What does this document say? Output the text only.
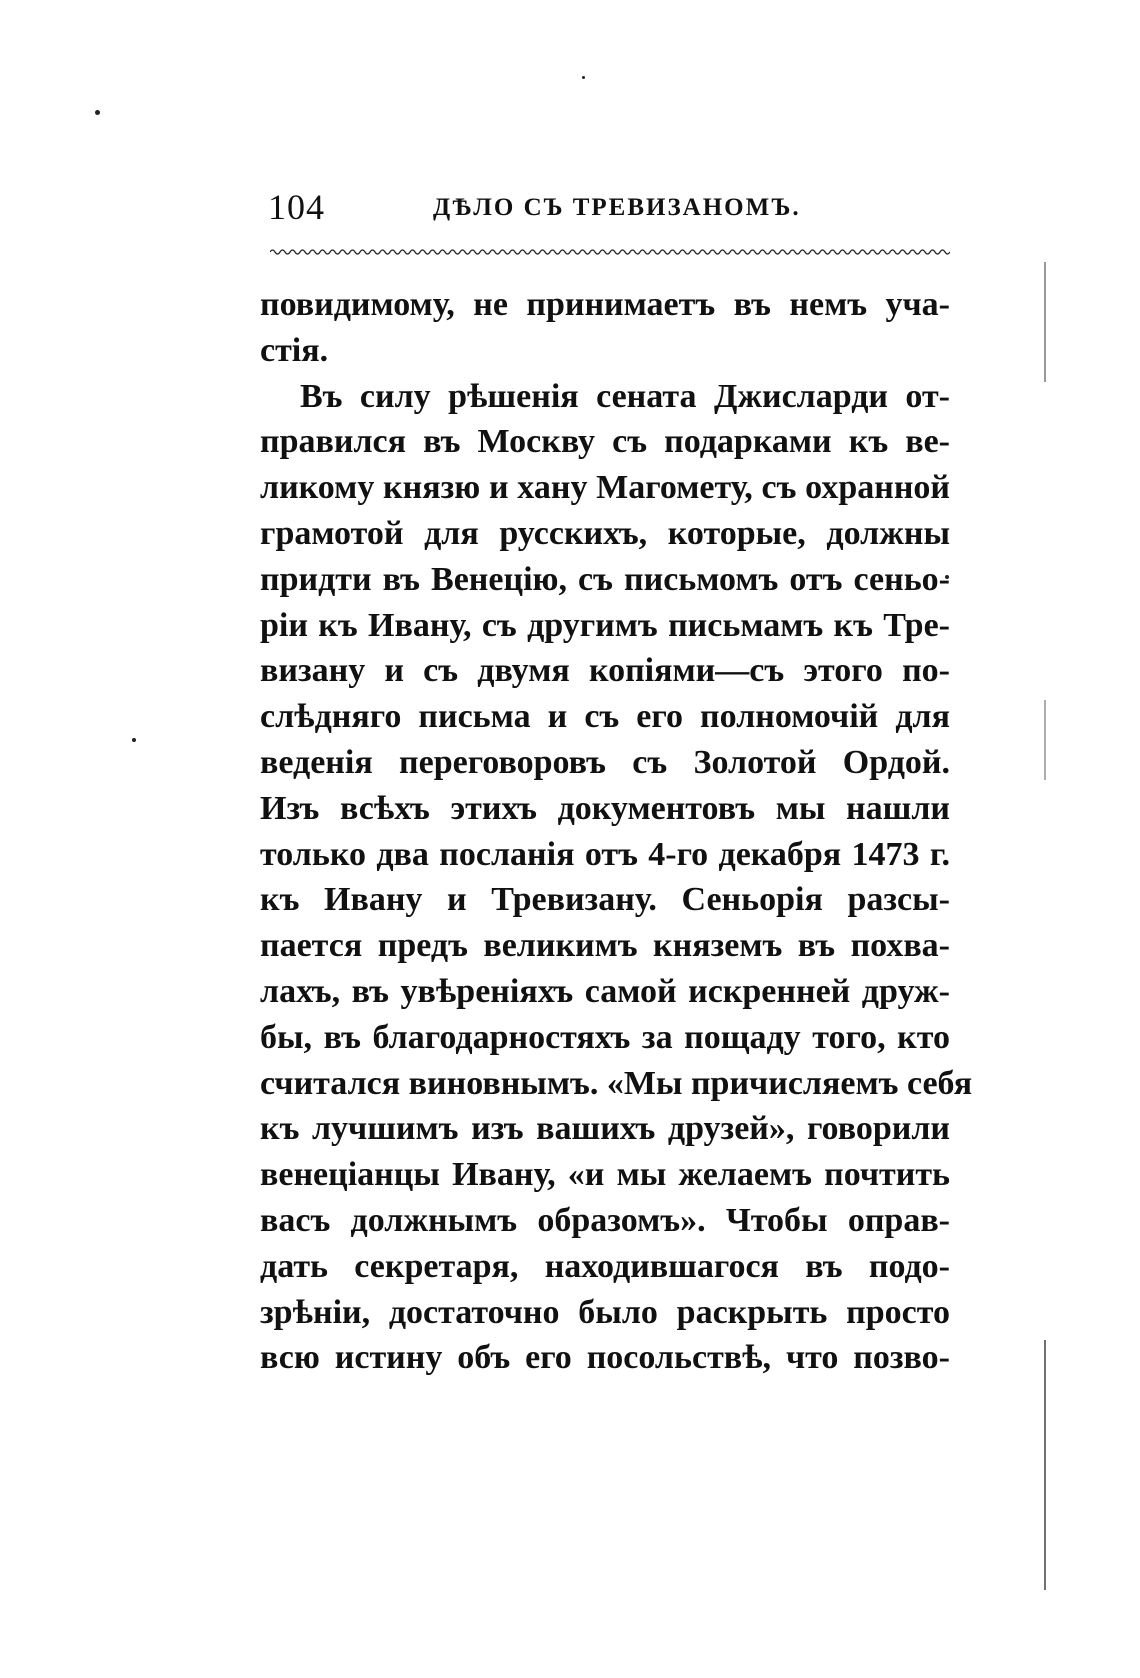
104	ДѢЛО СЪ ТРЕВИЗАНОМЪ.
повидимому, не принимаетъ въ немъ уча-
стія.
Въ силу рѣшенія сената Джисларди от-
правился въ Москву съ подарками къ ве-
ликому князю и хану Магомету, съ охранной
грамотой для русскихъ, которые, должны
придти въ Венецію, съ письмомъ отъ сеньо-
ріи къ Ивану, съ другимъ письмамъ къ Тре-
визану и съ двумя копіями—съ этого по-
слѣдняго письма и съ его полномочій для
веденія переговоровъ съ Золотой Ордой.
Изъ всѣхъ этихъ документовъ мы нашли
только два посланія отъ 4-го декабря 1473 г.
къ Ивану и Тревизану. Сеньорія разсы-
пается предъ великимъ княземъ въ похва-
лахъ, въ увѣреніяхъ самой искренней друж-
бы, въ благодарностяхъ за пощаду того, кто
считался виновнымъ. «Мы причисляемъ себя
къ лучшимъ изъ вашихъ друзей», говорили
венеціанцы Ивану, «и мы желаемъ почтить
васъ должнымъ образомъ». Чтобы оправ-
дать секретаря, находившагося въ подо-
зрѣніи, достаточно было раскрыть просто
всю истину объ его посольствѣ, что позво-
